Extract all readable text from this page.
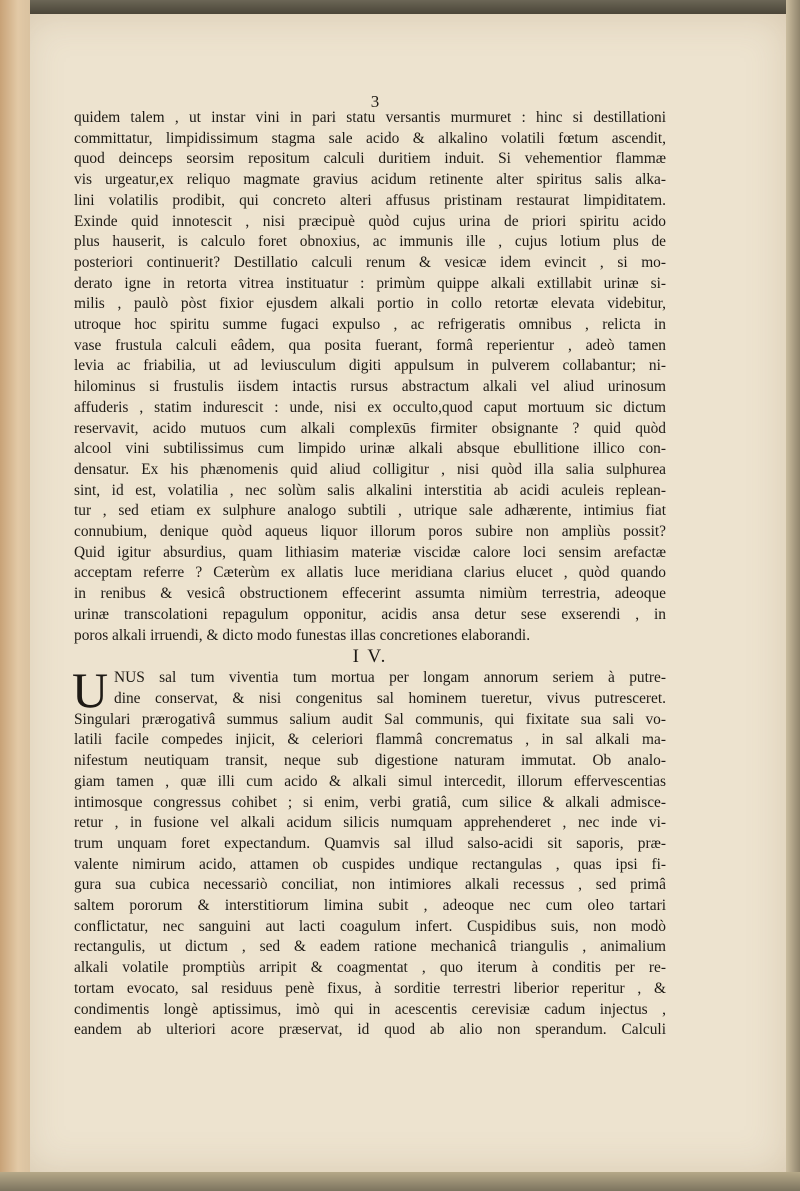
3
quidem talem , ut instar vini in pari statu versantis murmuret : hinc si destillationi
committatur, limpidissimum stagma sale acido & alkalino volatili fœtum ascendit,
quod deinceps seorsim repositum calculi duritiem induit. Si vehementior flammæ
vis urgeatur,ex reliquo magmate gravius acidum retinente alter spiritus salis alka-
lini volatilis prodibit, qui concreto alteri affusus pristinam restaurat limpiditatem.
Exinde quid innotescit , nisi præcipuè quòd cujus urina de priori spiritu acido
plus hauserit, is calculo foret obnoxius, ac immunis ille , cujus lotium plus de
posteriori continuerit? Destillatio calculi renum & vesicæ idem evincit , si mo-
derato igne in retorta vitrea instituatur : primùm quippe alkali extillabit urinæ si-
milis , paulò pòst fixior ejusdem alkali portio in collo retortæ elevata videbitur,
utroque hoc spiritu summe fugaci expulso , ac refrigeratis omnibus , relicta in
vase frustula calculi eâdem, qua posita fuerant, formâ reperientur , adeò tamen
levia ac friabilia, ut ad leviusculum digiti appulsum in pulverem collabantur; ni-
hilominus si frustulis iisdem intactis rursus abstractum alkali vel aliud urinosum
affuderis , statim indurescit : unde, nisi ex occulto,quod caput mortuum sic dictum
reservavit, acido mutuos cum alkali complexūs firmiter obsignante ? quid quòd
alcool vini subtilissimus cum limpido urinæ alkali absque ebullitione illico con-
densatur. Ex his phænomenis quid aliud colligitur , nisi quòd illa salia sulphurea
sint, id est, volatilia , nec solùm salis alkalini interstitia ab acidi aculeis replean-
tur , sed etiam ex sulphure analogo subtili , utrique sale adhærente, intimius fiat
connubium, denique quòd aqueus liquor illorum poros subire non ampliùs possit?
Quid igitur absurdius, quam lithiasim materiæ viscidæ calore loci sensim arefactæ
acceptam referre ? Cæterùm ex allatis luce meridiana clarius elucet , quòd quando
in renibus & vesicâ obstructionem effecerint assumta nimiùm terrestria, adeoque
urinæ transcolationi repagulum opponitur, acidis ansa detur sese exserendi , in
poros alkali irruendi, & dicto modo funestas illas concretiones elaborandi.
I V.
U NUS sal tum viventia tum mortua per longam annorum seriem à putre-
dine conservat, & nisi congenitus sal hominem tueretur, vivus putresceret.
Singulari prærogativâ summus salium audit Sal communis, qui fixitate sua sali vo-
latili facile compedes injicit, & celeriori flammâ concrematus , in sal alkali ma-
nifestum neutiquam transit, neque sub digestione naturam immutat. Ob analo-
giam tamen , quæ illi cum acido & alkali simul intercedit, illorum effervescentias
intimosque congressus cohibet ; si enim, verbi gratiâ, cum silice & alkali admisce-
retur , in fusione vel alkali acidum silicis numquam apprehenderet , nec inde vi-
trum unquam foret expectandum. Quamvis sal illud salso-acidi sit saporis, præ-
valente nimirum acido, attamen ob cuspides undique rectangulas , quas ipsi fi-
gura sua cubica necessariò conciliat, non intimiores alkali recessus , sed primâ
saltem pororum & interstitiorum limina subit , adeoque nec cum oleo tartari
conflictatur, nec sanguini aut lacti coagulum infert. Cuspidibus suis, non modò
rectangulis, ut dictum , sed & eadem ratione mechanicâ triangulis , animalium
alkali volatile promptiùs arripit & coagmentat , quo iterum à conditis per re-
tortam evocato, sal residuus penè fixus, à sorditie terrestri liberior reperitur , &
condimentis longè aptissimus, imò qui in acescentis cerevisiæ cadum injectus ,
eandem ab ulteriori acore præservat, id quod ab alio non sperandum. Calculi
